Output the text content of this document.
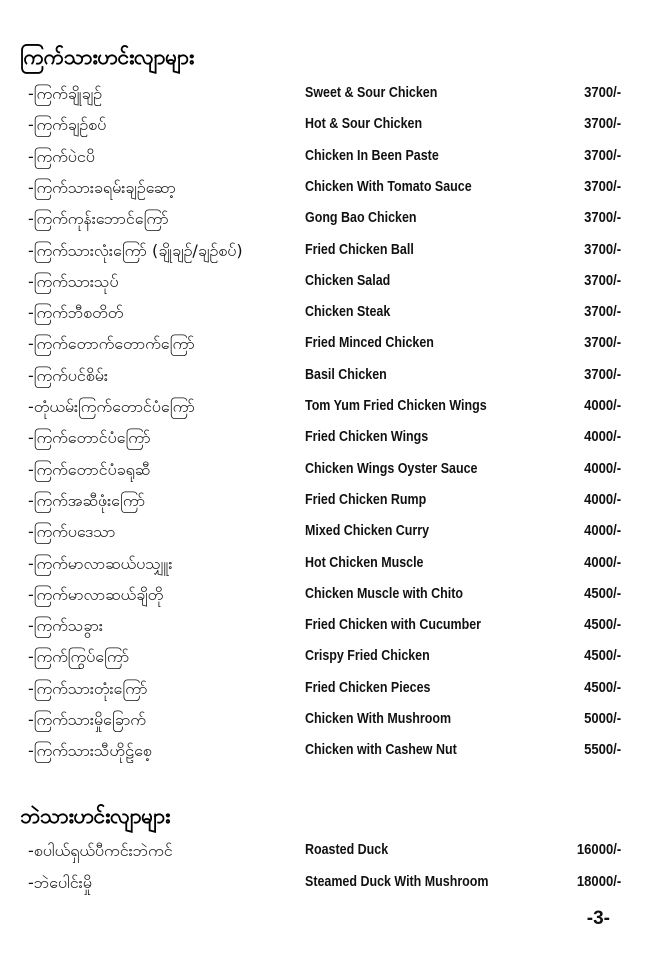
ကြက်သားဟင်းလျာများ
-ကြက်ချိုချဉ်	Sweet & Sour Chicken	3700/-
-ကြက်ချဉ်စပ်	Hot & Sour Chicken	3700/-
-ကြက်ပဲငပိ	Chicken In Been Paste	3700/-
-ကြက်သားခရမ်းချဉ်ဆော့	Chicken With Tomato Sauce	3700/-
-ကြက်ကုန်းဘောင်ကြော်	Gong Bao Chicken	3700/-
-ကြက်သားလုံးကြော် (ချိုချဉ်/ချဉ်စပ်)	Fried Chicken Ball	3700/-
-ကြက်သားသုပ်	Chicken Salad	3700/-
-ကြက်ဘီစတိတ်	Chicken Steak	3700/-
-ကြက်တောက်တောက်ကြော်	Fried Minced Chicken	3700/-
-ကြက်ပင်စိမ်း	Basil Chicken	3700/-
-တုံယမ်းကြက်တောင်ပံကြော်	Tom Yum Fried Chicken Wings	4000/-
-ကြက်တောင်ပံကြော်	Fried Chicken Wings	4000/-
-ကြက်တောင်ပံခရုဆီ	Chicken Wings Oyster Sauce	4000/-
-ကြက်အဆီဖုံးကြော်	Fried Chicken Rump	4000/-
-ကြက်ပဒေသာ	Mixed Chicken Curry	4000/-
-ကြက်မာလာဆယ်ပသျှူး	Hot Chicken Muscle	4000/-
-ကြက်မာလာဆယ်ချိတို	Chicken Muscle with Chito	4500/-
-ကြက်သခွား	Fried Chicken with Cucumber	4500/-
-ကြက်ကြွပ်ကြော်	Crispy Fried Chicken	4500/-
-ကြက်သားတုံးကြော်	Fried Chicken Pieces	4500/-
-ကြက်သားမှိုခြောက်	Chicken With Mushroom	5000/-
-ကြက်သားသီဟိုဠ်စေ့	Chicken with Cashew Nut	5500/-
ဘဲသားဟင်းလျာများ
-စပါယ်ရှယ်ပီကင်းဘဲကင်	Roasted Duck	16000/-
-ဘဲပေါင်းမှို	Steamed Duck With Mushroom	18000/-
-3-
